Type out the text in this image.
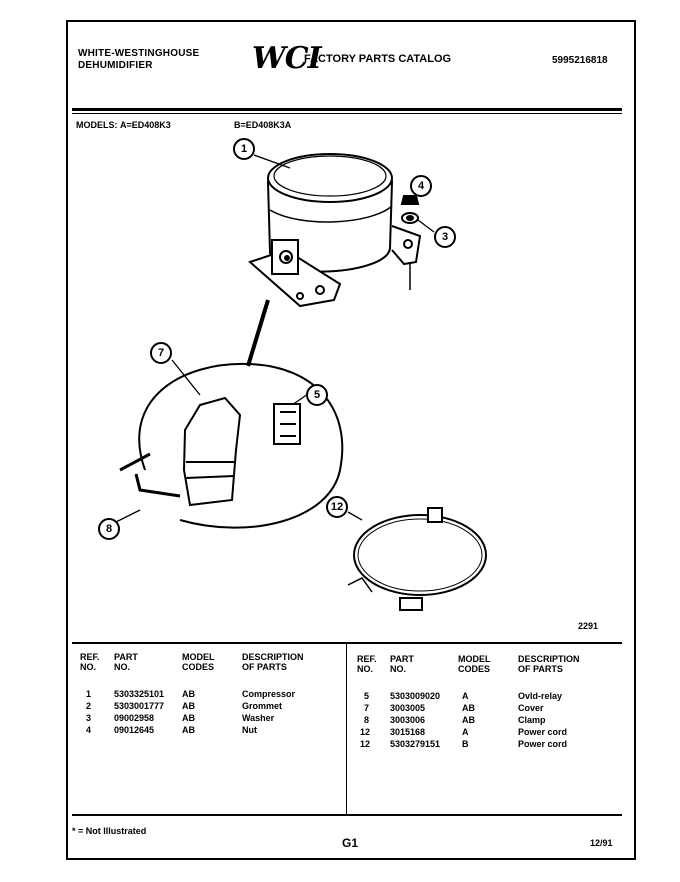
WHITE-WESTINGHOUSE
DEHUMIDIFIER	WCI
FACTORY PARTS CATALOG	5995216818
MODELS: A=ED408K3	B=ED408K3A
1
4
3
7
5
8
12
2291
REF.
NO.
PART
NO.
MODEL
CODES
DESCRIPTION
OF PARTS
REF.
NO.
PART
NO.
MODEL
CODES
DESCRIPTION
OF PARTS
1	5303325101 AB	Compressor
2	5303001777 AB	Grommet
3	09002958	AB	Washer
4	09012645	AB	Nut
5 5303009020 A	Ovld-relay
7 3003005	AB	Cover
8 3003006	AB	Clamp
12 3015168	A	Power cord
12 5303279151 B	Power cord
* = Not Illustrated
G1	12/91
